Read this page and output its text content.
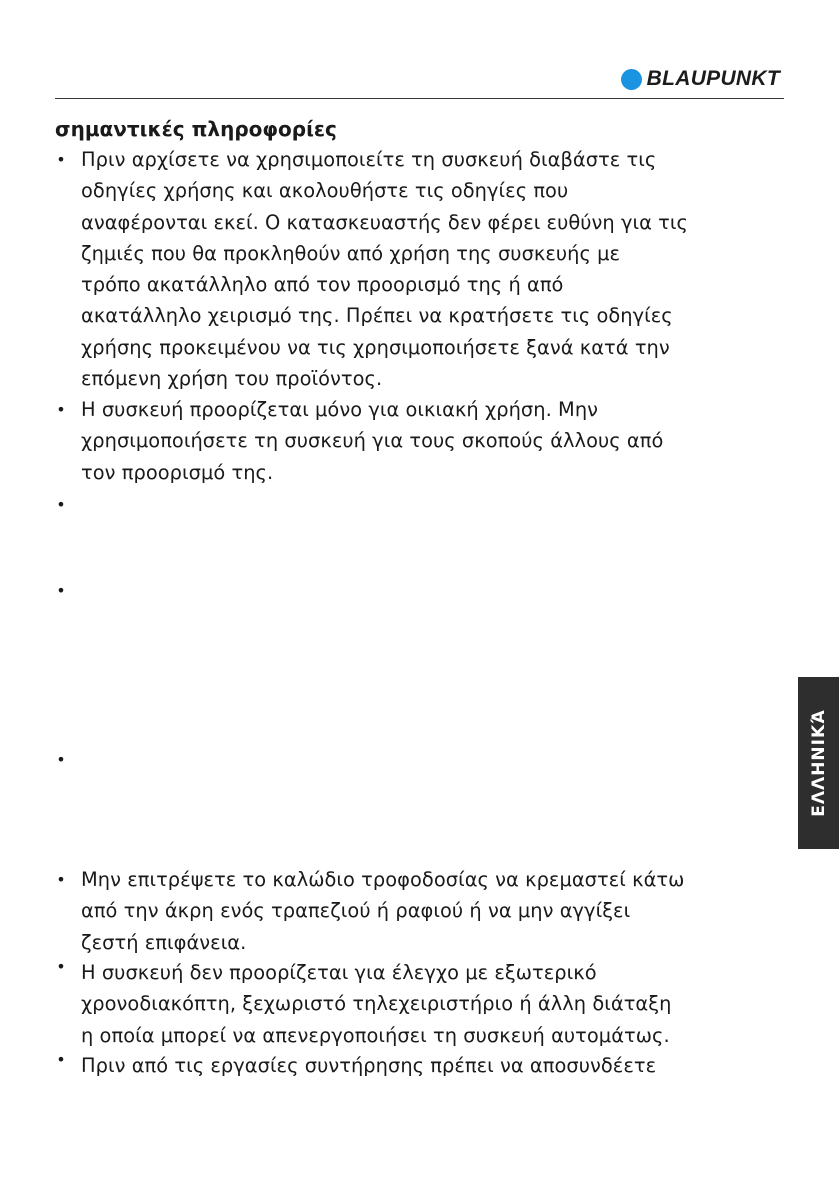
BLAUPUNKT
σημαντικές πληροφορίες
• Πριν αρχίσετε να χρησιμοποιείτε τη συσκευή διαβάστε τις
οδηγίες χρήσης και ακολουθήστε τις οδηγίες που
αναφέρονται εκεί. Ο κατασκευαστής δεν φέρει ευθύνη για τις
ζημιές που θα προκληθούν από χρήση της συσκευής με
τρόπο ακατάλληλο από τον προορισμό της ή από
ακατάλληλο χειρισμό της. Πρέπει να κρατήσετε τις οδηγίες
χρήσης προκειμένου να τις χρησιμοποιήσετε ξανά κατά την
επόμενη χρήση του προϊόντος.
• Η συσκευή προορίζεται μόνο για οικιακή χρήση. Μην
χρησιμοποιήσετε τη συσκευή για τους σκοπούς άλλους από
τον προορισμό της.
•
•
•
• Μην επιτρέψετε το καλώδιο τροφοδοσίας να κρεμαστεί κάτω
από την άκρη ενός τραπεζιού ή ραφιού ή να μην αγγίξει
ζεστή επιφάνεια.
• Η συσκευή δεν προορίζεται για έλεγχο με εξωτερικό
χρονοδιακόπτη, ξεχωριστό τηλεχειριστήριο ή άλλη διάταξη
η οποία μπορεί να απενεργοποιήσει τη συσκευή αυτομάτως.
• Πριν από τις εργασίες συντήρησης πρέπει να αποσυνδέετε
ΕΛΛΗΝΙΚΆ
